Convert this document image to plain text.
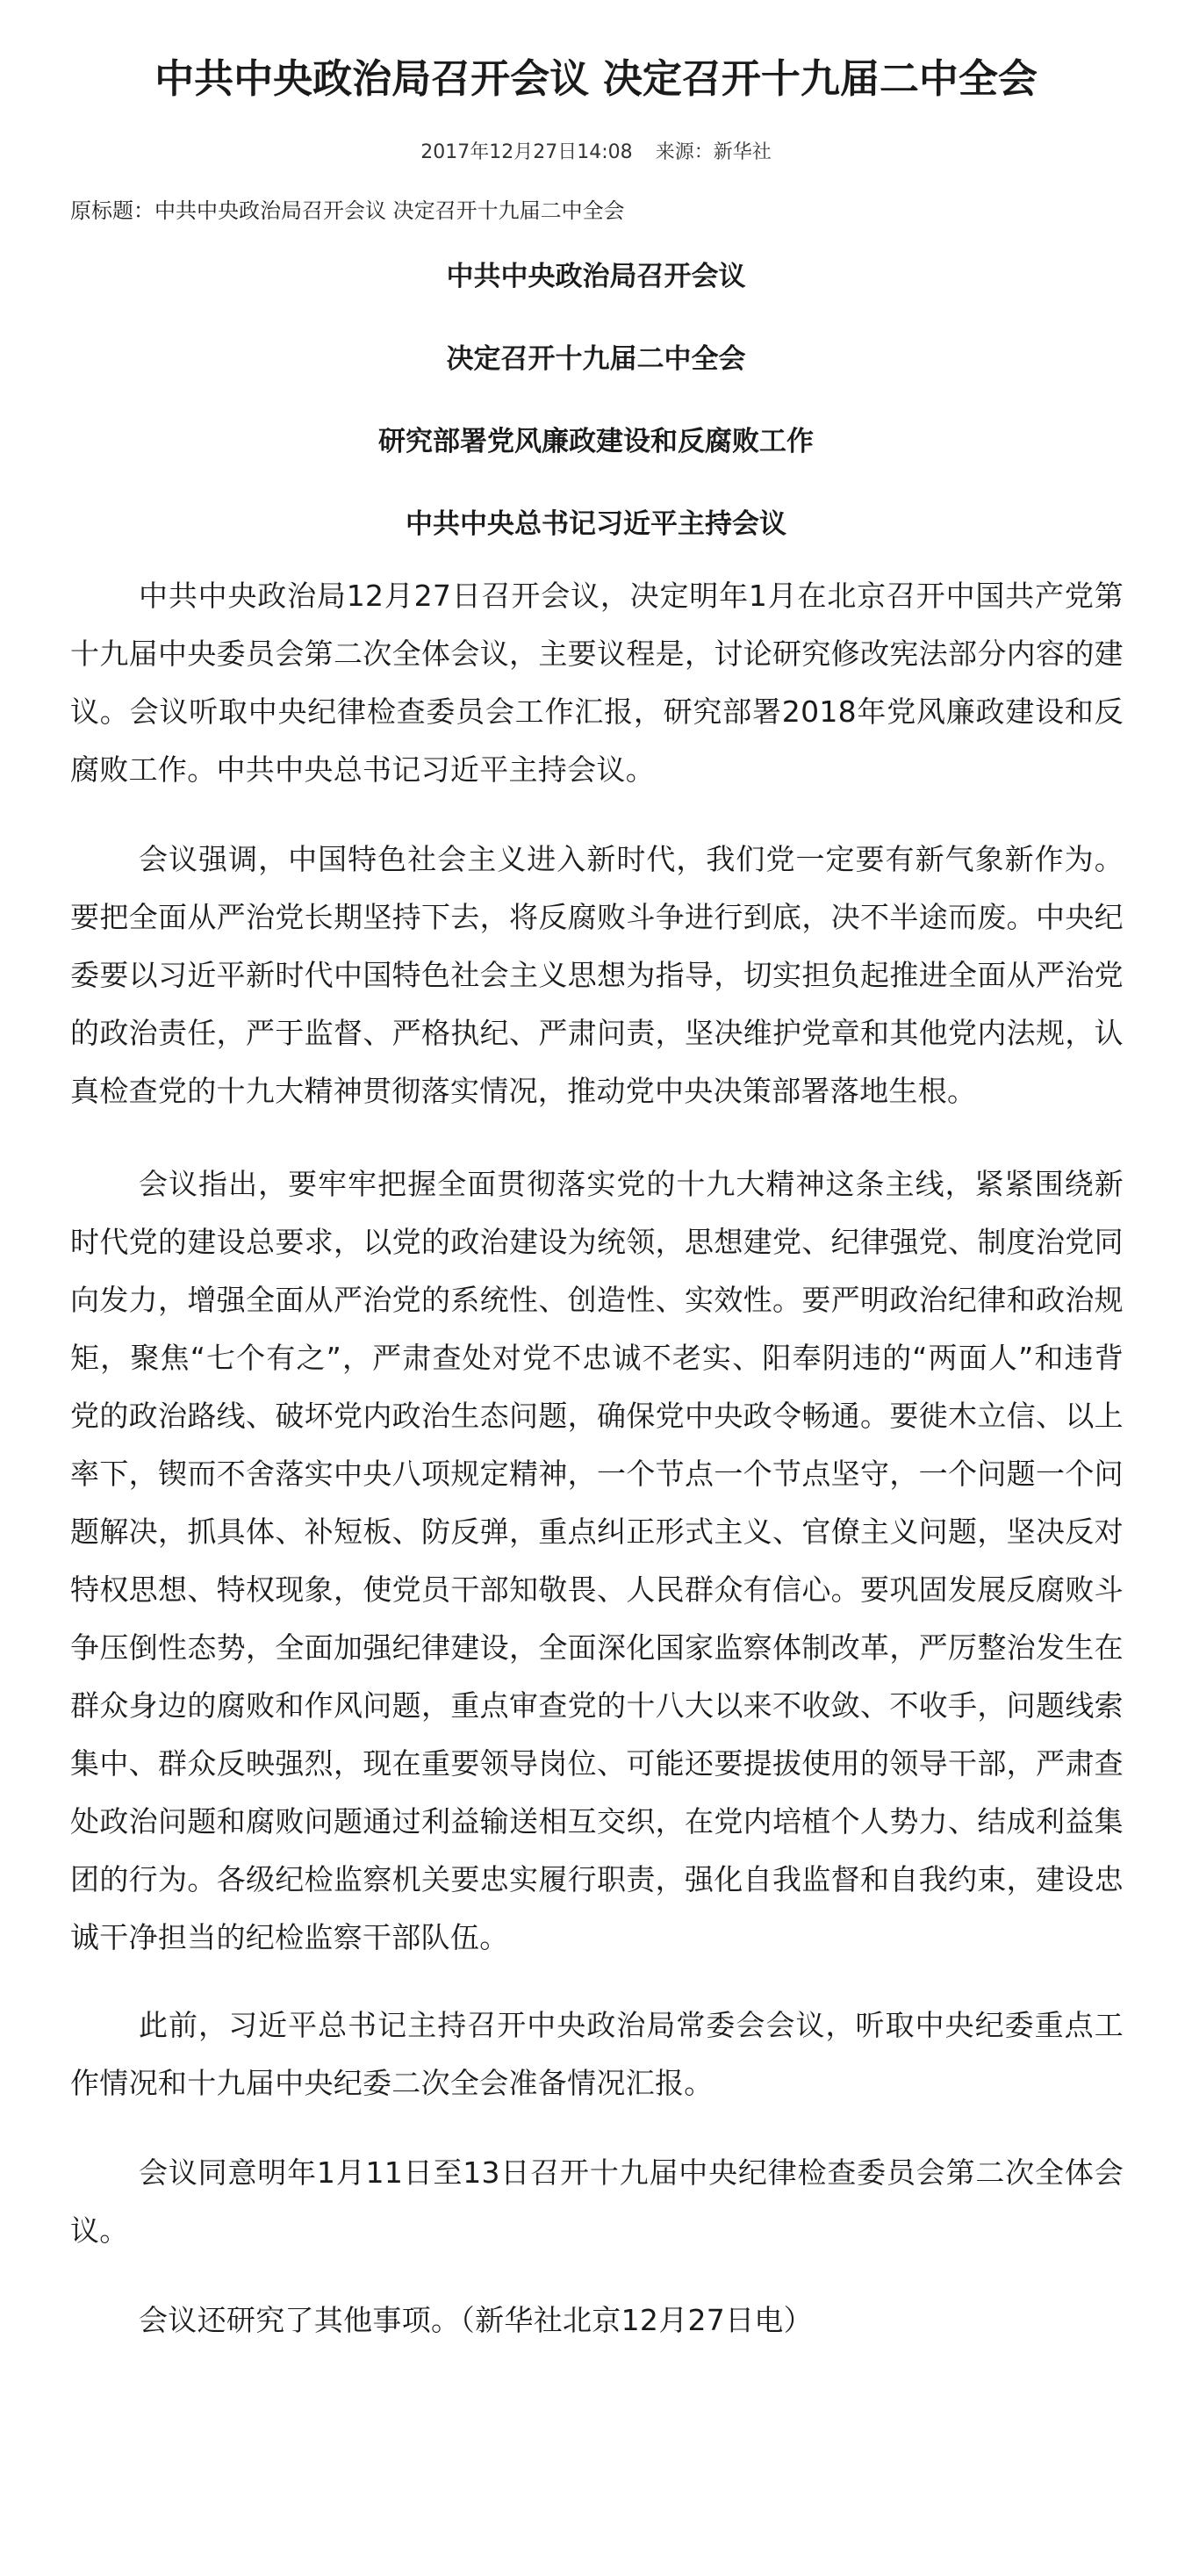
中共中央政治局召开会议 决定召开十九届二中全会
2017年12月27日14:08 来源：新华社
原标题：中共中央政治局召开会议 决定召开十九届二中全会

中共中央政治局召开会议

决定召开十九届二中全会

研究部署党风廉政建设和反腐败工作

中共中央总书记习近平主持会议

中共中央政治局12月27日召开会议，决定明年1月在北京召开中国共产党第十九届中央委员会第二次全体会议，主要议程是，讨论研究修改宪法部分内容的建议。会议听取中央纪律检查委员会工作汇报，研究部署2018年党风廉政建设和反腐败工作。中共中央总书记习近平主持会议。

会议强调，中国特色社会主义进入新时代，我们党一定要有新气象新作为。要把全面从严治党长期坚持下去，将反腐败斗争进行到底，决不半途而废。中央纪委要以习近平新时代中国特色社会主义思想为指导，切实担负起推进全面从严治党的政治责任，严于监督、严格执纪、严肃问责，坚决维护党章和其他党内法规，认真检查党的十九大精神贯彻落实情况，推动党中央决策部署落地生根。

会议指出，要牢牢把握全面贯彻落实党的十九大精神这条主线，紧紧围绕新时代党的建设总要求，以党的政治建设为统领，思想建党、纪律强党、制度治党同向发力，增强全面从严治党的系统性、创造性、实效性。要严明政治纪律和政治规矩，聚焦“七个有之”，严肃查处对党不忠诚不老实、阳奉阴违的“两面人”和违背党的政治路线、破坏党内政治生态问题，确保党中央政令畅通。要徙木立信、以上率下，锲而不舍落实中央八项规定精神，一个节点一个节点坚守，一个问题一个问题解决，抓具体、补短板、防反弹，重点纠正形式主义、官僚主义问题，坚决反对特权思想、特权现象，使党员干部知敬畏、人民群众有信心。要巩固发展反腐败斗争压倒性态势，全面加强纪律建设，全面深化国家监察体制改革，严厉整治发生在群众身边的腐败和作风问题，重点审查党的十八大以来不收敛、不收手，问题线索集中、群众反映强烈，现在重要领导岗位、可能还要提拔使用的领导干部，严肃查处政治问题和腐败问题通过利益输送相互交织，在党内培植个人势力、结成利益集团的行为。各级纪检监察机关要忠实履行职责，强化自我监督和自我约束，建设忠诚干净担当的纪检监察干部队伍。

此前，习近平总书记主持召开中央政治局常委会会议，听取中央纪委重点工作情况和十九届中央纪委二次全会准备情况汇报。

会议同意明年1月11日至13日召开十九届中央纪律检查委员会第二次全体会议。

会议还研究了其他事项。（新华社北京12月27日电）
